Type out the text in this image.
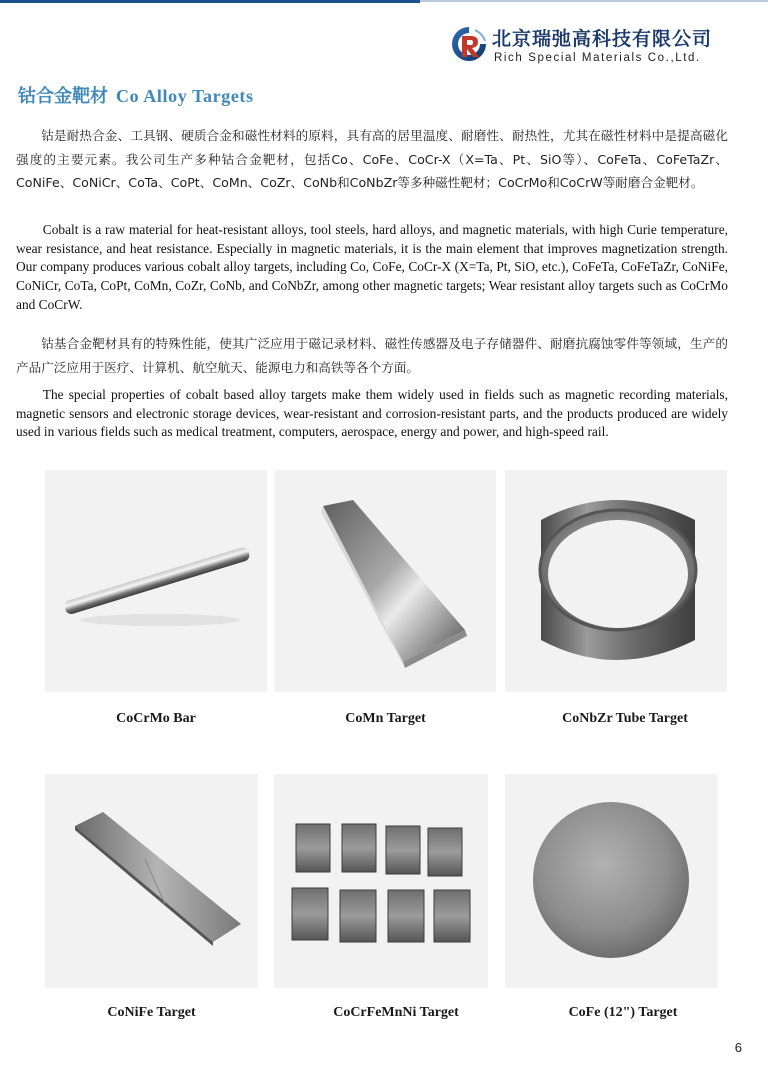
北京瑞弛高科技有限公司
Rich Special Materials Co.,Ltd.
钴合金靶材 Co Alloy Targets

钴是耐热合金、工具钢、硬质合金和磁性材料的原料，具有高的居里温度、耐磨性、耐热性，尤其在磁性材料中是提高磁化强度的主要元素。我公司生产多种钴合金靶材，包括Co、CoFe、CoCr-X（X=Ta、Pt、SiO等）、CoFeTa、CoFeTaZr、CoNiFe、CoNiCr、CoTa、CoPt、CoMn、CoZr、CoNb和CoNbZr等多种磁性靶材；CoCrMo和CoCrW等耐磨合金靶材。

Cobalt is a raw material for heat-resistant alloys, tool steels, hard alloys, and magnetic materials, with high Curie temperature, wear resistance, and heat resistance. Especially in magnetic materials, it is the main element that improves magnetization strength. Our company produces various cobalt alloy targets, including Co, CoFe, CoCr-X (X=Ta, Pt, SiO, etc.), CoFeTa, CoFeTaZr, CoNiFe, CoNiCr, CoTa, CoPt, CoMn, CoZr, CoNb, and CoNbZr, among other magnetic targets; Wear resistant alloy targets such as CoCrMo and CoCrW.

钴基合金靶材具有的特殊性能，使其广泛应用于磁记录材料、磁性传感器及电子存储器件、耐磨抗腐蚀零件等领域，生产的产品广泛应用于医疗、计算机、航空航天、能源电力和高铁等各个方面。

The special properties of cobalt based alloy targets make them widely used in fields such as magnetic recording materials, magnetic sensors and electronic storage devices, wear-resistant and corrosion-resistant parts, and the products produced are widely used in various fields such as medical treatment, computers, aerospace, energy and power, and high-speed rail.

CoCrMo Bar	CoMn Target	CoNbZr Tube Target
CoNiFe Target	CoCrFeMnNi Target	CoFe (12") Target
6
